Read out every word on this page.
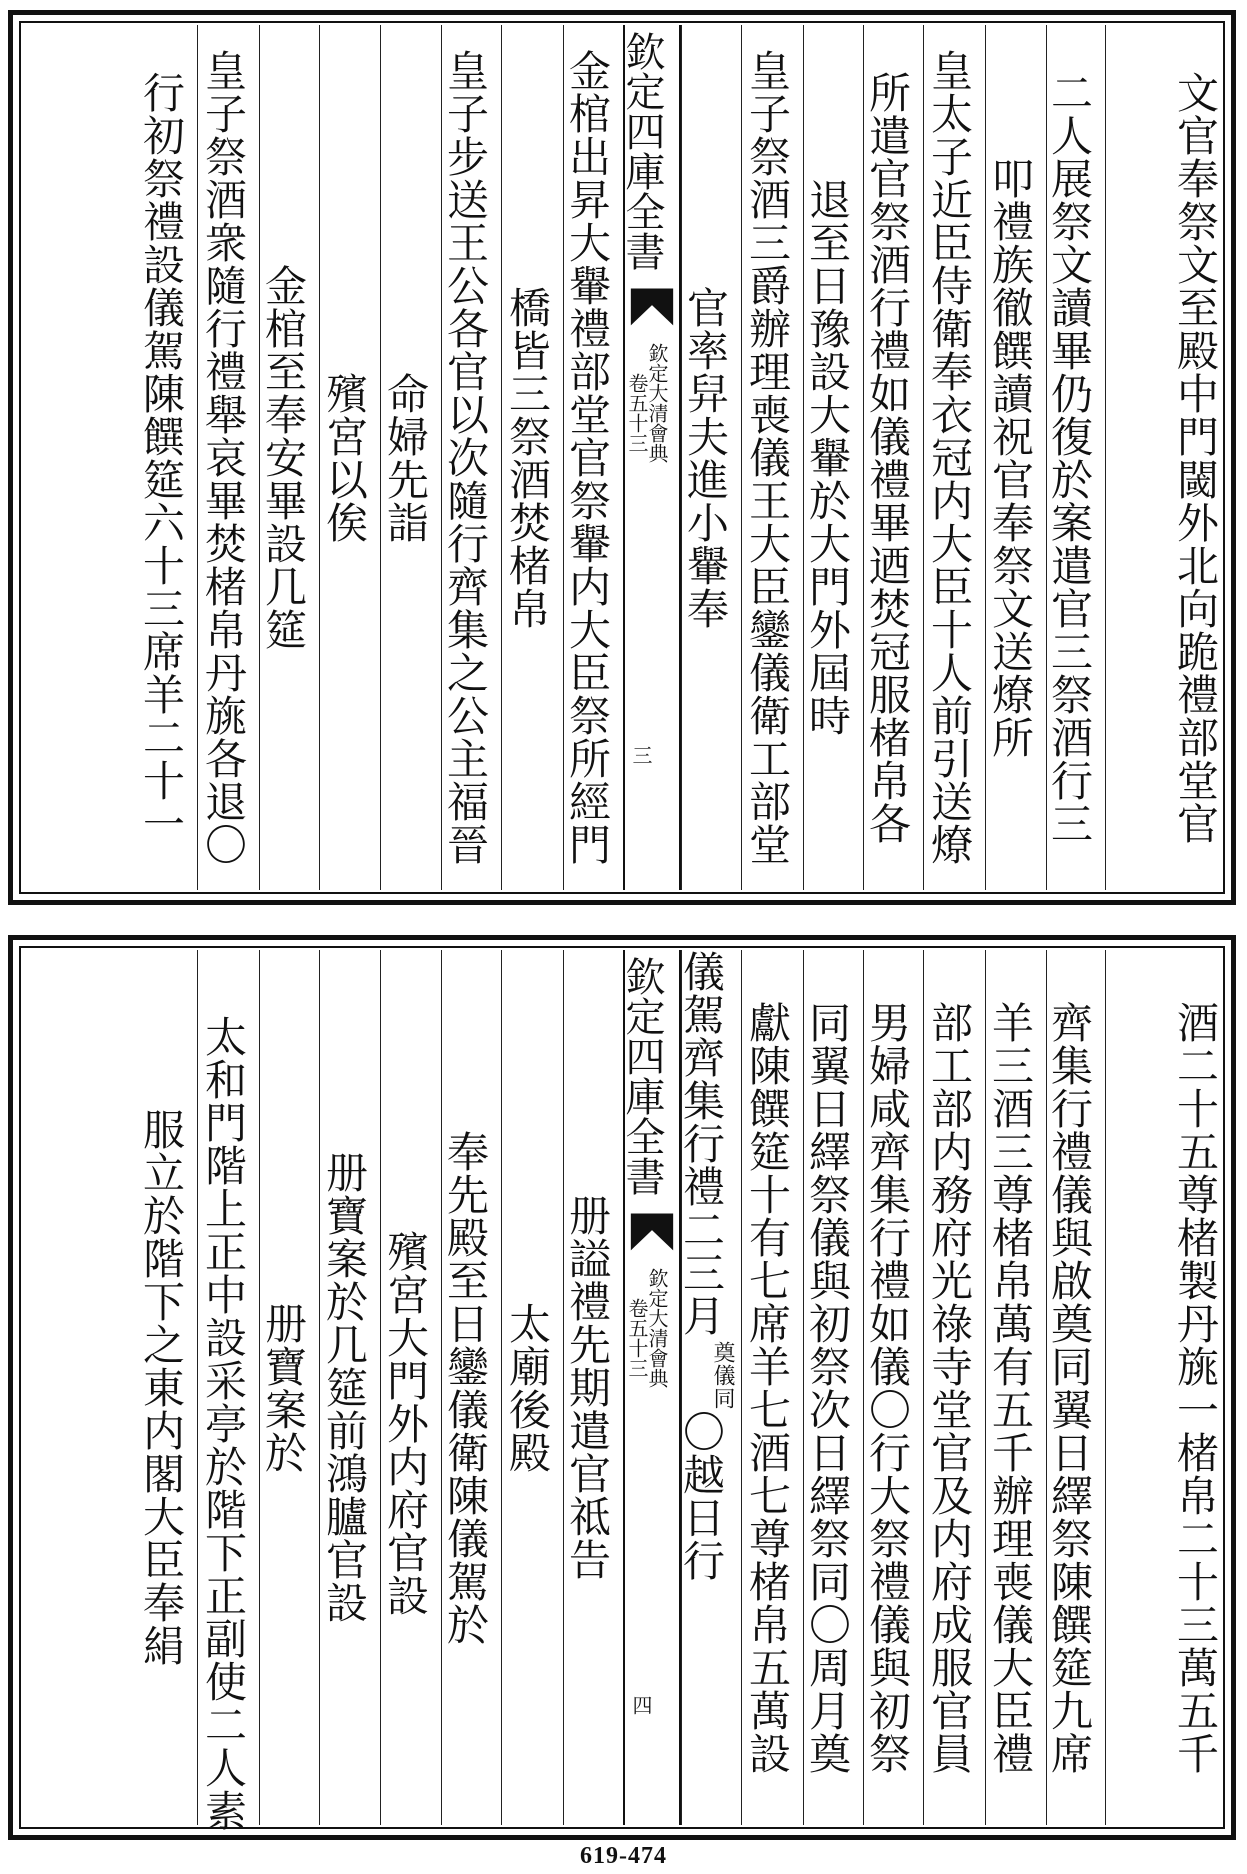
文官奉祭文至殿中門閾外北向跪禮部堂官
二人展祭文讀畢仍復於案遣官三祭酒行三
叩禮族徹饌讀祝官奉祭文送燎所
皇太子近臣侍衛奉衣冠内大臣十人前引送燎
所遣官祭酒行禮如儀禮畢迺焚冠服楮帛各
退至日豫設大轝於大門外屆時
皇子祭酒三爵辦理喪儀王大臣鑾儀衛工部堂
官率舁夫進小轝奉
欽定四庫全書
欽定大清會典
卷五十三
三
金棺出昇大轝禮部堂官祭轝内大臣祭所經門
橋皆三祭酒焚楮帛
皇子步送王公各官以次隨行齊集之公主福晉
命婦先詣
殯宮以俟
金棺至奉安畢設几筵
皇子祭酒衆隨行禮舉哀畢焚楮帛丹旐各退〇
行初祭禮設儀駕陳饌筵六十三席羊二十一
酒二十五尊楮製丹旐一楮帛二十三萬五千
齊集行禮儀與啟奠同翼日繹祭陳饌筵九席
羊三酒三尊楮帛萬有五千辦理喪儀大臣禮
部工部内務府光祿寺堂官及内府成服官員
男婦咸齊集行禮如儀〇行大祭禮儀與初祭
同翼日繹祭儀與初祭次日繹祭同〇周月奠
獻陳饌筵十有七席羊七酒七尊楮帛五萬設
儀駕齊集行禮二三月
奠儀同
〇越日行
欽定四庫全書
欽定大清會典
卷五十三
四
册謚禮先期遣官祗告
太廟後殿
奉先殿至日鑾儀衛陳儀駕於
殯宮大門外内府官設
册寶案於几筵前鴻臚官設
册寶案於
太和門階上正中設采亭於階下正副使二人素
服立於階下之東内閣大臣奉絹
619-474
